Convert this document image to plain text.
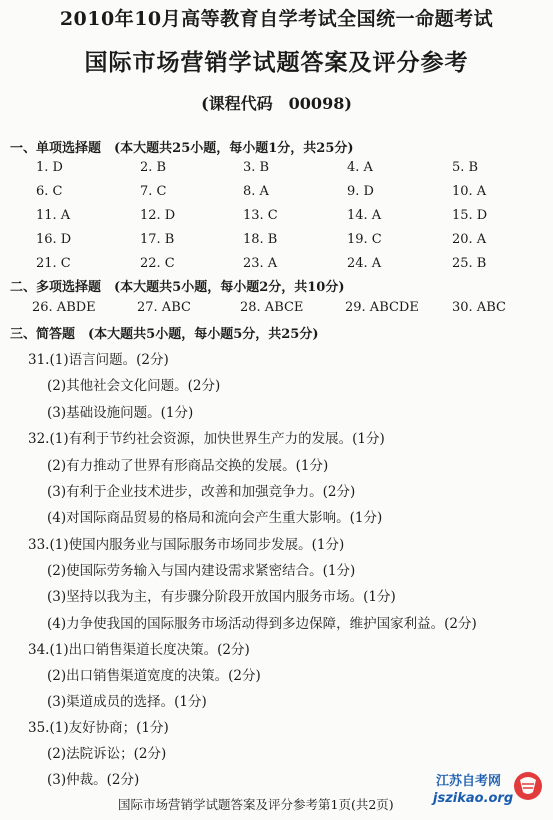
2010年10月高等教育自学考试全国统一命题考试
国际市场营销学试题答案及评分参考
(课程代码　00098)
一、单项选择题　(本大题共25小题，每小题1分，共25分)
1. D	2. B	3. B	4. A	5. B
6. C	7. C	8. A	9. D	10. A
11. A	12. D	13. C	14. A	15. D
16. D	17. B	18. B	19. C	20. A
21. C	22. C	23. A	24. A	25. B
二、多项选择题　(本大题共5小题，每小题2分，共10分)
26. ABDE	27. ABC	28. ABCE	29. ABCDE	30. ABC
三、简答题　(本大题共5小题，每小题5分，共25分)
31.(1)语言问题。(2分)
(2)其他社会文化问题。(2分)
(3)基础设施问题。(1分)
32.(1)有利于节约社会资源，加快世界生产力的发展。(1分)
(2)有力推动了世界有形商品交换的发展。(1分)
(3)有利于企业技术进步，改善和加强竞争力。(2分)
(4)对国际商品贸易的格局和流向会产生重大影响。(1分)
33.(1)使国内服务业与国际服务市场同步发展。(1分)
(2)使国际劳务输入与国内建设需求紧密结合。(1分)
(3)坚持以我为主，有步骤分阶段开放国内服务市场。(1分)
(4)力争使我国的国际服务市场活动得到多边保障，维护国家利益。(2分)
34.(1)出口销售渠道长度决策。(2分)
(2)出口销售渠道宽度的决策。(2分)
(3)渠道成员的选择。(1分)
35.(1)友好协商；(1分)
(2)法院诉讼；(2分)
(3)仲裁。(2分)
国际市场营销学试题答案及评分参考第1页(共2页)
江苏自考网
jszikao.org
